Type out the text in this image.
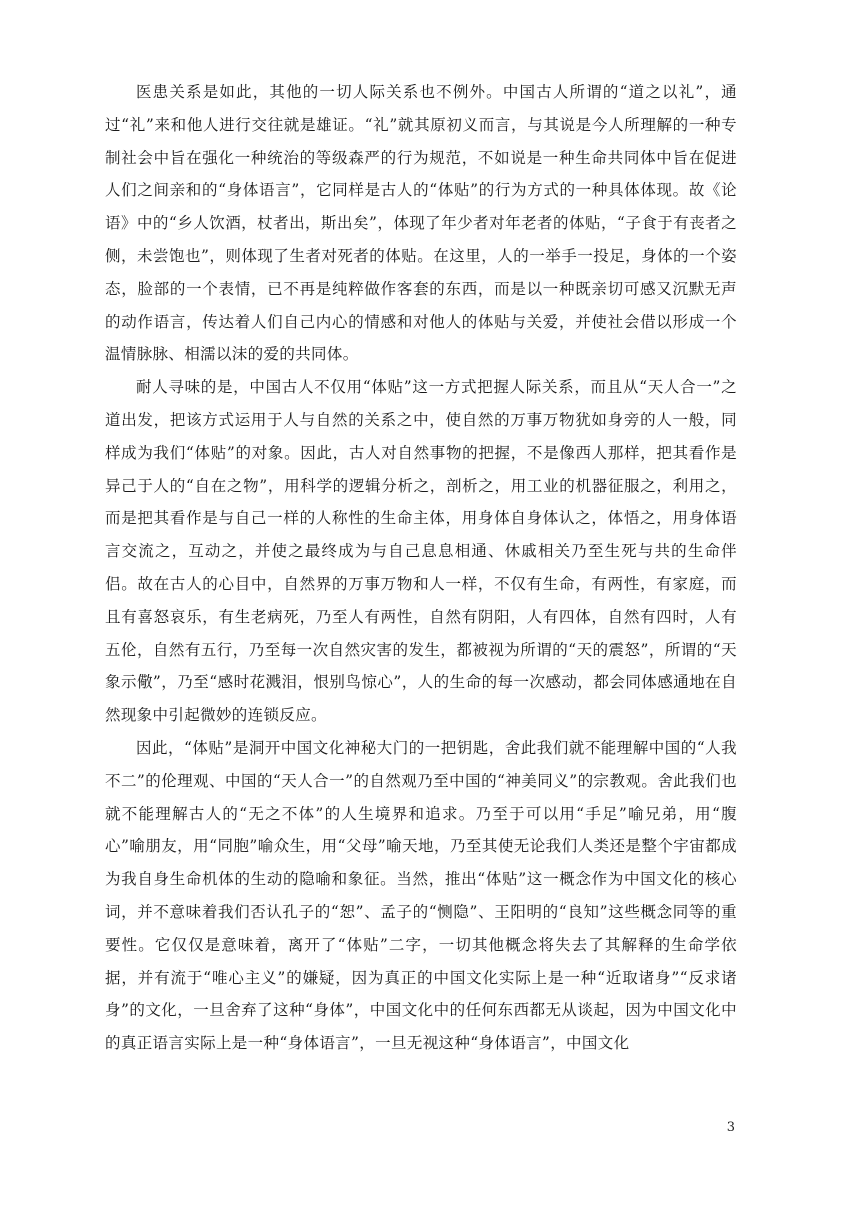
医患关系是如此，其他的一切人际关系也不例外。中国古人所谓的“道之以礼”，通过“礼”来和他人进行交往就是雄证。“礼”就其原初义而言，与其说是今人所理解的一种专制社会中旨在强化一种统治的等级森严的行为规范，不如说是一种生命共同体中旨在促进人们之间亲和的“身体语言”，它同样是古人的“体贴”的行为方式的一种具体体现。故《论语》中的“乡人饮酒，杖者出，斯出矣”，体现了年少者对年老者的体贴，“子食于有丧者之侧，未尝饱也”，则体现了生者对死者的体贴。在这里，人的一举手一投足，身体的一个姿态，脸部的一个表情，已不再是纯粹做作客套的东西，而是以一种既亲切可感又沉默无声的动作语言，传达着人们自己内心的情感和对他人的体贴与关爱，并使社会借以形成一个温情脉脉、相濡以沫的爱的共同体。

耐人寻味的是，中国古人不仅用“体贴”这一方式把握人际关系，而且从“天人合一”之道出发，把该方式运用于人与自然的关系之中，使自然的万事万物犹如身旁的人一般，同样成为我们“体贴”的对象。因此，古人对自然事物的把握，不是像西人那样，把其看作是异己于人的“自在之物”，用科学的逻辑分析之，剖析之，用工业的机器征服之，利用之，而是把其看作是与自己一样的人称性的生命主体，用身体自身体认之，体悟之，用身体语言交流之，互动之，并使之最终成为与自己息息相通、休戚相关乃至生死与共的生命伴侣。故在古人的心目中，自然界的万事万物和人一样，不仅有生命，有两性，有家庭，而且有喜怒哀乐，有生老病死，乃至人有两性，自然有阴阳，人有四体，自然有四时，人有五伦，自然有五行，乃至每一次自然灾害的发生，都被视为所谓的“天的震怒”，所谓的“天象示儆”，乃至“感时花溅泪，恨别鸟惊心”，人的生命的每一次感动，都会同体感通地在自然现象中引起微妙的连锁反应。

因此，“体贴”是洞开中国文化神秘大门的一把钥匙，舍此我们就不能理解中国的“人我不二”的伦理观、中国的“天人合一”的自然观乃至中国的“神美同义”的宗教观。舍此我们也就不能理解古人的“无之不体”的人生境界和追求。乃至于可以用“手足”喻兄弟，用“腹心”喻朋友，用“同胞”喻众生，用“父母”喻天地，乃至其使无论我们人类还是整个宇宙都成为我自身生命机体的生动的隐喻和象征。当然，推出“体贴”这一概念作为中国文化的核心词，并不意味着我们否认孔子的“恕”、孟子的“恻隐”、王阳明的“良知”这些概念同等的重要性。它仅仅是意味着，离开了“体贴”二字，一切其他概念将失去了其解释的生命学依据，并有流于“唯心主义”的嫌疑，因为真正的中国文化实际上是一种“近取诸身”“反求诸身”的文化，一旦舍弃了这种“身体”，中国文化中的任何东西都无从谈起，因为中国文化中的真正语言实际上是一种“身体语言”，一旦无视这种“身体语言”，中国文化

3
